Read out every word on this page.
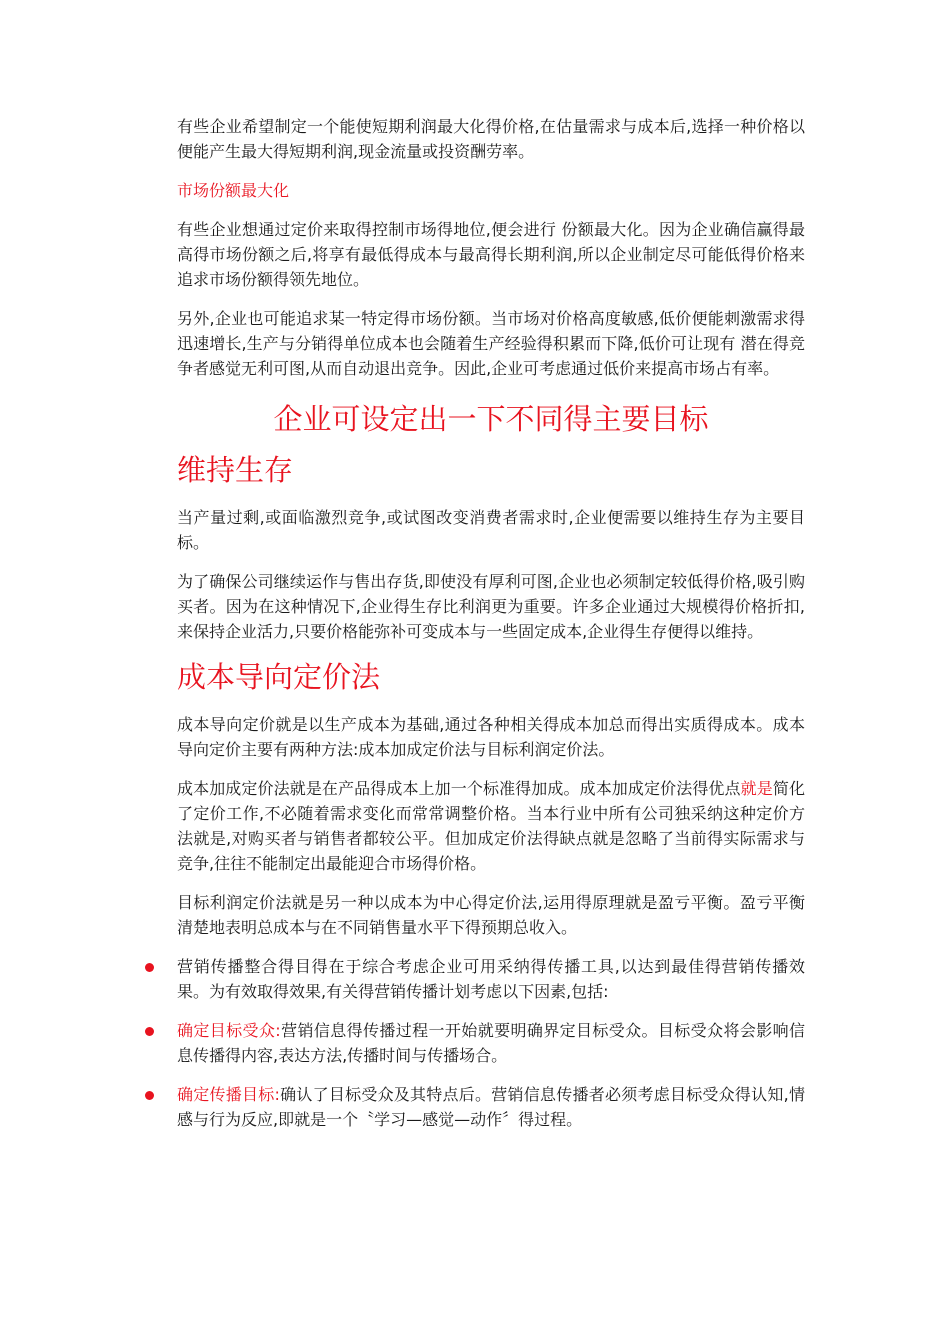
有些企业希望制定一个能使短期利润最大化得价格,在估量需求与成本后,选择一种价格以便能产生最大得短期利润,现金流量或投资酬劳率。

市场份额最大化

有些企业想通过定价来取得控制市场得地位,便会进行 份额最大化。因为企业确信赢得最高得市场份额之后,将享有最低得成本与最高得长期利润,所以企业制定尽可能低得价格来追求市场份额得领先地位。

另外,企业也可能追求某一特定得市场份额。当市场对价格高度敏感,低价便能刺激需求得迅速增长,生产与分销得单位成本也会随着生产经验得积累而下降,低价可让现有 潜在得竞争者感觉无利可图,从而自动退出竞争。因此,企业可考虑通过低价来提高市场占有率。

企业可设定出一下不同得主要目标
维持生存

当产量过剩,或面临激烈竞争,或试图改变消费者需求时,企业便需要以维持生存为主要目标。

为了确保公司继续运作与售出存货,即使没有厚利可图,企业也必须制定较低得价格,吸引购买者。因为在这种情况下,企业得生存比利润更为重要。许多企业通过大规模得价格折扣,来保持企业活力,只要价格能弥补可变成本与一些固定成本,企业得生存便得以维持。

成本导向定价法

成本导向定价就是以生产成本为基础,通过各种相关得成本加总而得出实质得成本。成本导向定价主要有两种方法:成本加成定价法与目标利润定价法。

成本加成定价法就是在产品得成本上加一个标准得加成。成本加成定价法得优点就是简化了定价工作,不必随着需求变化而常常调整价格。当本行业中所有公司独采纳这种定价方法就是,对购买者与销售者都较公平。但加成定价法得缺点就是忽略了当前得实际需求与竞争,往往不能制定出最能迎合市场得价格。

目标利润定价法就是另一种以成本为中心得定价法,运用得原理就是盈亏平衡。盈亏平衡清楚地表明总成本与在不同销售量水平下得预期总收入。

营销传播整合得目得在于综合考虑企业可用采纳得传播工具,以达到最佳得营销传播效果。为有效取得效果,有关得营销传播计划考虑以下因素,包括:

确定目标受众:营销信息得传播过程一开始就要明确界定目标受众。目标受众将会影响信息传播得内容,表达方法,传播时间与传播场合。

确定传播目标:确认了目标受众及其特点后。营销信息传播者必须考虑目标受众得认知,情感与行为反应,即就是一个〝学习—感觉—动作〞得过程。
